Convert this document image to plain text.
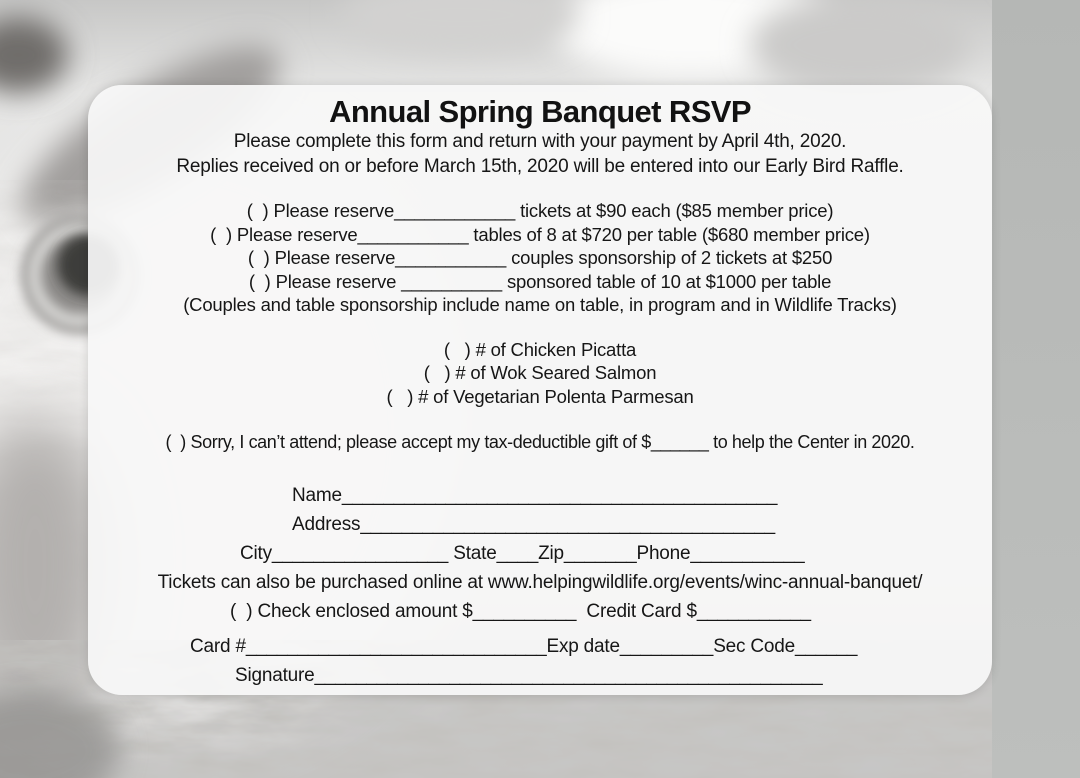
Annual Spring Banquet RSVP
Please complete this form and return with your payment by April 4th, 2020.
Replies received on or before March 15th, 2020 will be entered into our Early Bird Raffle.
(  ) Please reserve____________ tickets at $90 each ($85 member price)
(  ) Please reserve___________ tables of 8 at $720 per table ($680 member price)
(  ) Please reserve___________ couples sponsorship of 2 tickets at $250
(  ) Please reserve __________ sponsored table of 10 at $1000 per table
(Couples and table sponsorship include name on table, in program and in Wildlife Tracks)
(   ) # of Chicken Picatta
(   ) # of Wok Seared Salmon
(   ) # of Vegetarian Polenta Parmesan
(  ) Sorry, I can’t attend; please accept my tax-deductible gift of $______ to help the Center in 2020.
Name__________________________________________
Address________________________________________
City_________________ State____Zip_______Phone___________
Tickets can also be purchased online at www.helpingwildlife.org/events/winc-annual-banquet/
(  ) Check enclosed amount $__________  Credit Card $___________
Card #_____________________________Exp date_________Sec Code______
Signature_________________________________________________
